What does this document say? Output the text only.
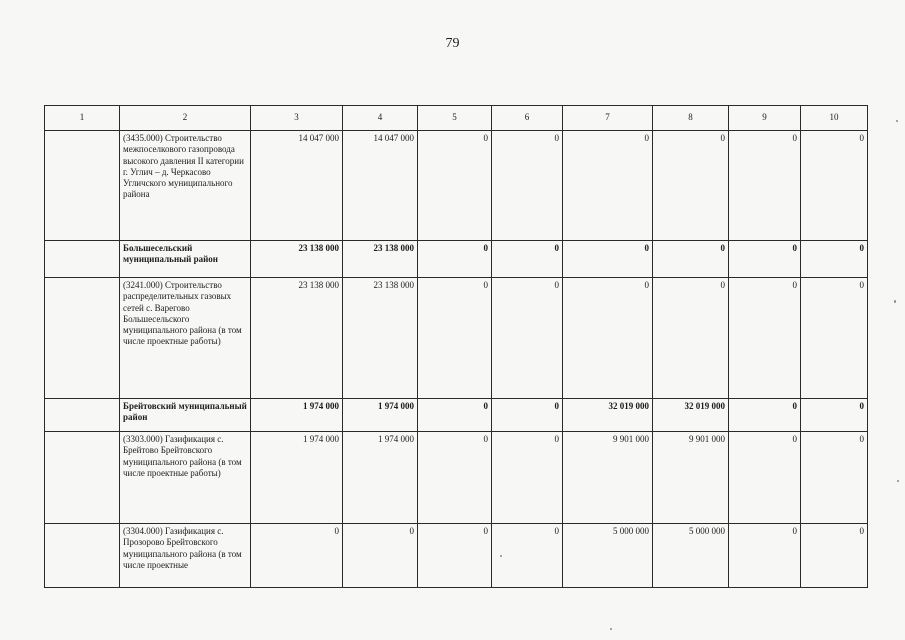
79
1	2	3	4	5	6	7	8	9	10
	(3435.000) Строительство межпоселкового газопровода высокого давления II категории г. Углич – д. Черкасово Угличского муниципального района	14 047 000	14 047 000	0	0	0	0	0	0
	Большесельский муниципальный район	23 138 000	23 138 000	0	0	0	0	0	0
	(3241.000) Строительство распределительных газовых сетей с. Варегово Большесельского муниципального района (в том числе проектные работы)	23 138 000	23 138 000	0	0	0	0	0	0
	Брейтовский муниципальный район	1 974 000	1 974 000	0	0	32 019 000	32 019 000	0	0
	(3303.000) Газификация с. Брейтово Брейтовского муниципального района (в том числе проектные работы)	1 974 000	1 974 000	0	0	9 901 000	9 901 000	0	0
	(3304.000) Газификация с. Прозорово Брейтовского муниципального района (в том числе проектные	0	0	0	0	5 000 000	5 000 000	0	0
